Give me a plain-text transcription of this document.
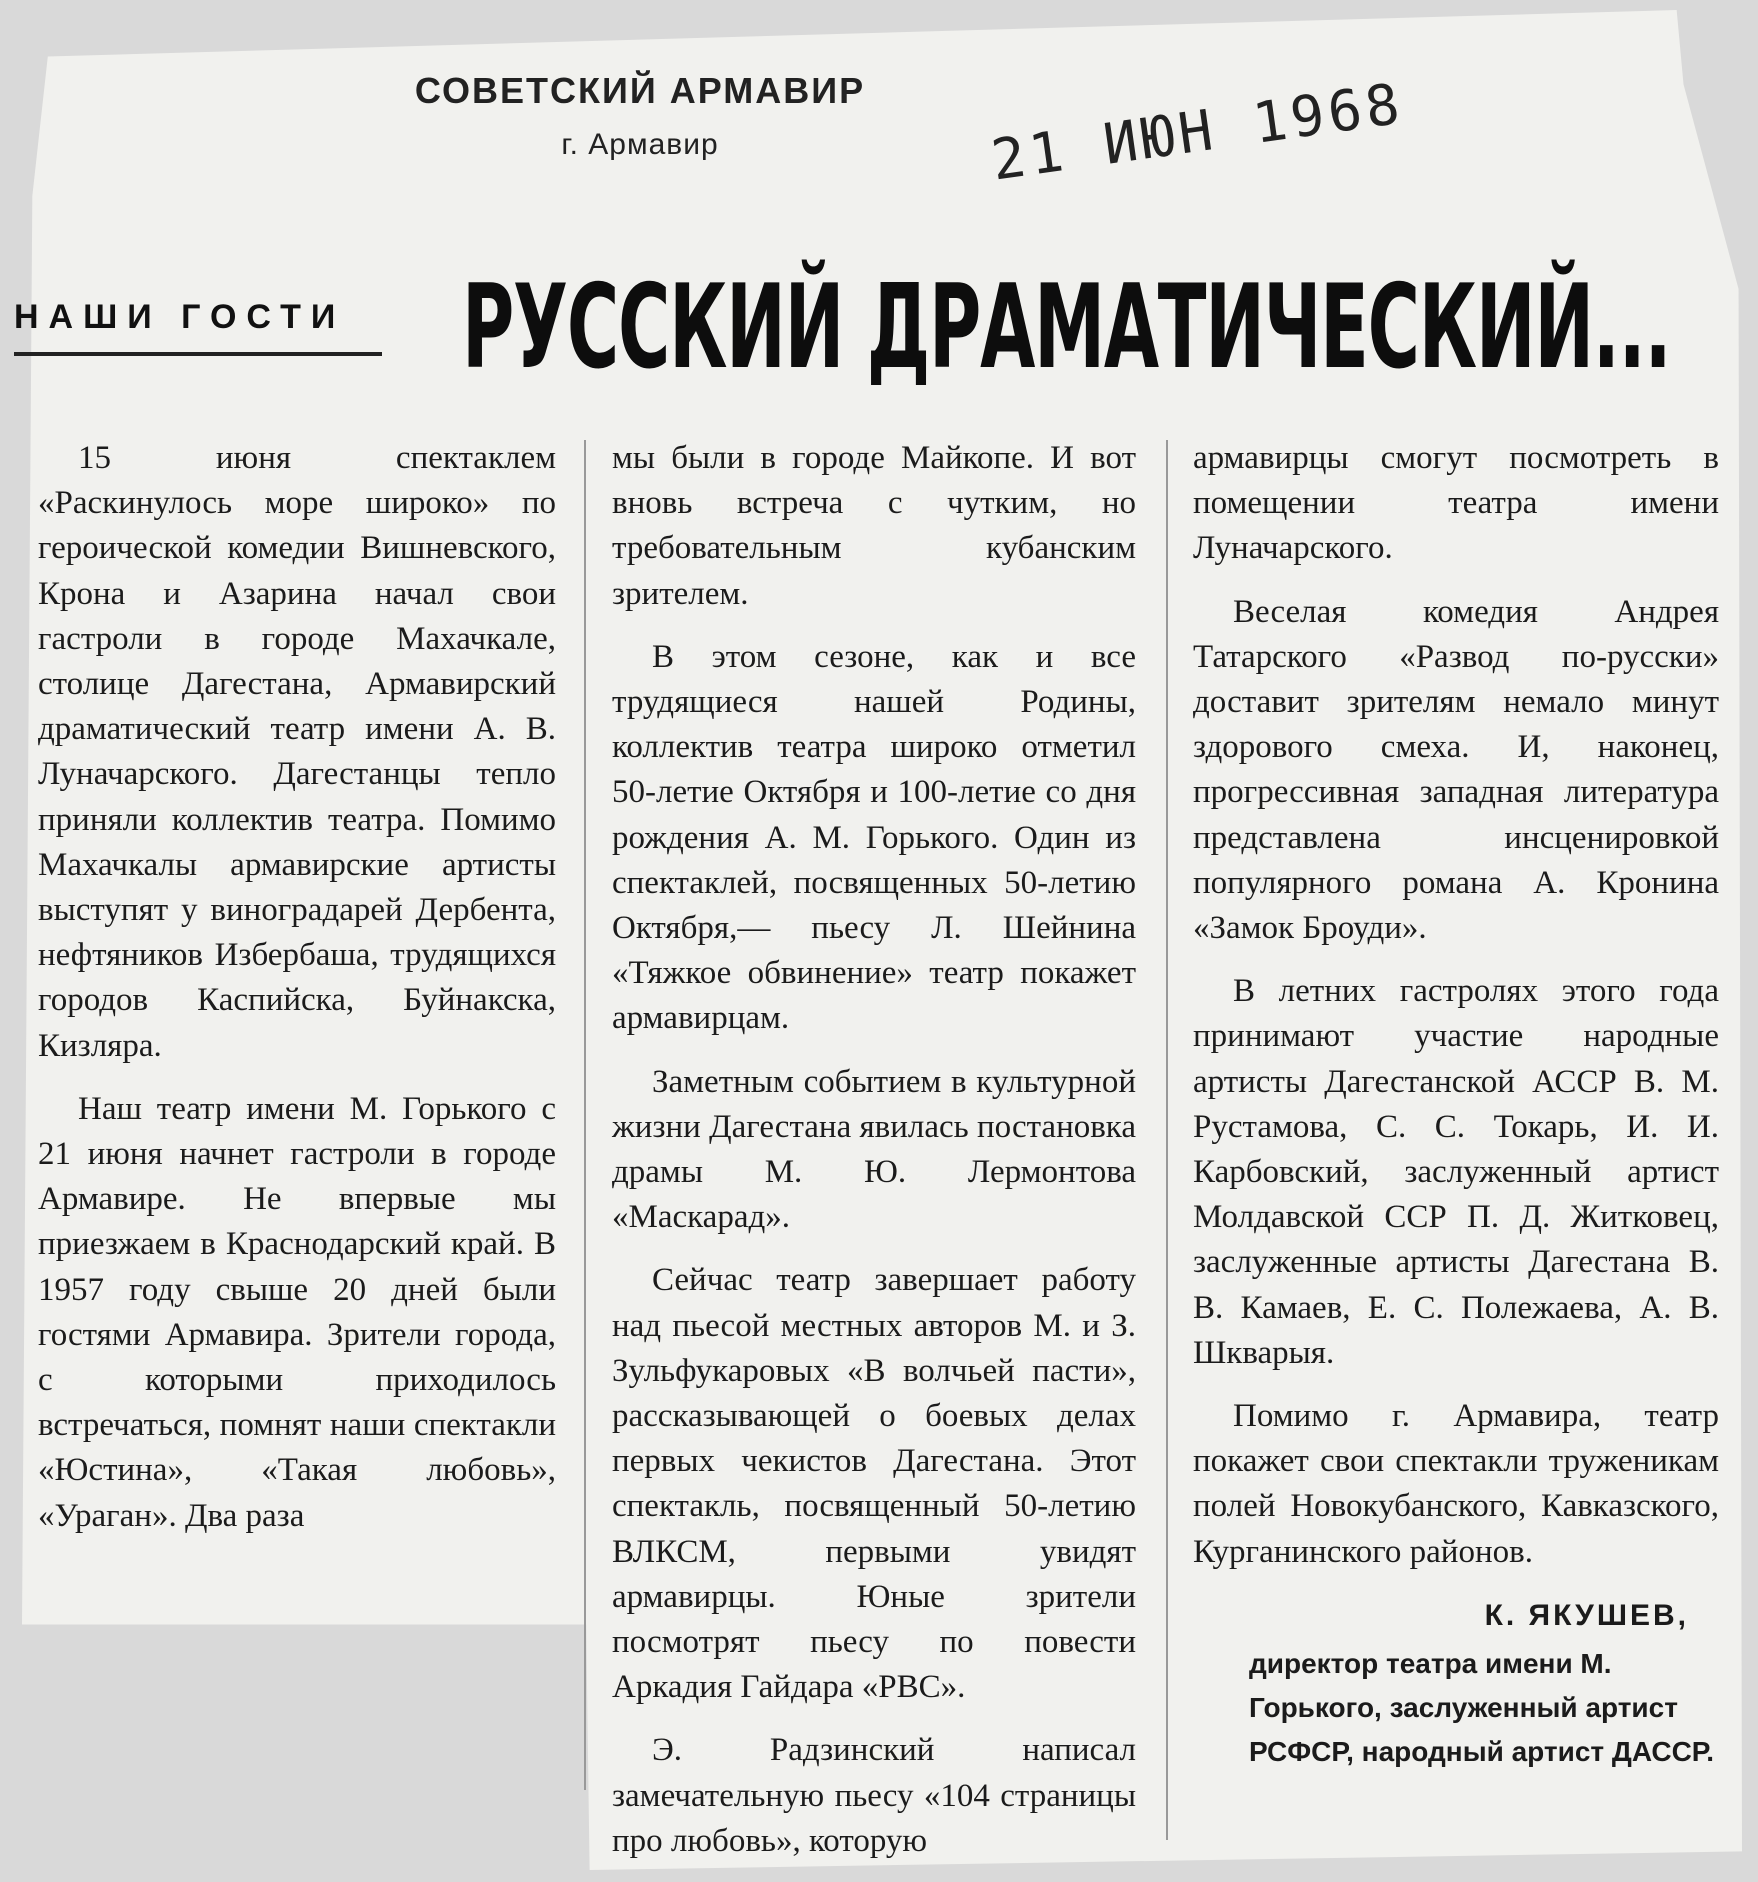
СОВЕТСКИЙ АРМАВИР
г. Армавир	21 ИЮН 1968
НАШИ ГОСТИ РУССКИЙ ДРАМАТИЧЕСКИЙ...

15 июня спектаклем «Раскинулось море широко» по героической комедии Вишневского, Крона и Азарина начал свои гастроли в городе Махачкале, столице Дагестана, Армавирский драматический театр имени А. В. Луначарского. Дагестанцы тепло приняли коллектив театра. Помимо Махачкалы армавирские артисты выступят у виноградарей Дербента, нефтяников Избербаша, трудящихся городов Каспийска, Буйнакска, Кизляра.

Наш театр имени М. Горького с 21 июня начнет гастроли в городе Армавире. Не впервые мы приезжаем в Краснодарский край. В 1957 году свыше 20 дней были гостями Армавира. Зрители города, с которыми приходилось встречаться, помнят наши спектакли «Юстина», «Такая любовь», «Ураган». Два раза

мы были в городе Майкопе. И вот вновь встреча с чутким, но требовательным кубанским зрителем.

В этом сезоне, как и все трудящиеся нашей Родины, коллектив театра широко отметил 50-летие Октября и 100-летие со дня рождения А. М. Горького. Один из спектаклей, посвященных 50-летию Октября,— пьесу Л. Шейнина «Тяжкое обвинение» театр покажет армавирцам.

Заметным событием в культурной жизни Дагестана явилась постановка драмы М. Ю. Лермонтова «Маскарад».

Сейчас театр завершает работу над пьесой местных авторов М. и З. Зульфукаровых «В волчьей пасти», рассказывающей о боевых делах первых чекистов Дагестана. Этот спектакль, посвященный 50-летию ВЛКСМ, первыми увидят армавирцы. Юные зрители посмотрят пьесу по повести Аркадия Гайдара «РВС».

Э. Радзинский написал замечательную пьесу «104 страницы про любовь», которую

армавирцы смогут посмотреть в помещении театра имени Луначарского.

Веселая комедия Андрея Татарского «Развод по-русски» доставит зрителям немало минут здорового смеха. И, наконец, прогрессивная западная литература представлена инсценировкой популярного романа А. Кронина «Замок Броуди».

В летних гастролях этого года принимают участие народные артисты Дагестанской АССР В. М. Рустамова, С. С. Токарь, И. И. Карбовский, заслуженный артист Молдавской ССР П. Д. Житковец, заслуженные артисты Дагестана В. В. Камаев, Е. С. Полежаева, А. В. Шкварыя.

Помимо г. Армавира, театр покажет свои спектакли труженикам полей Новокубанского, Кавказского, Курганинского районов.

К. ЯКУШЕВ,
директор театра имени М. Горького, заслуженный артист РСФСР, народный артист ДАССР.
